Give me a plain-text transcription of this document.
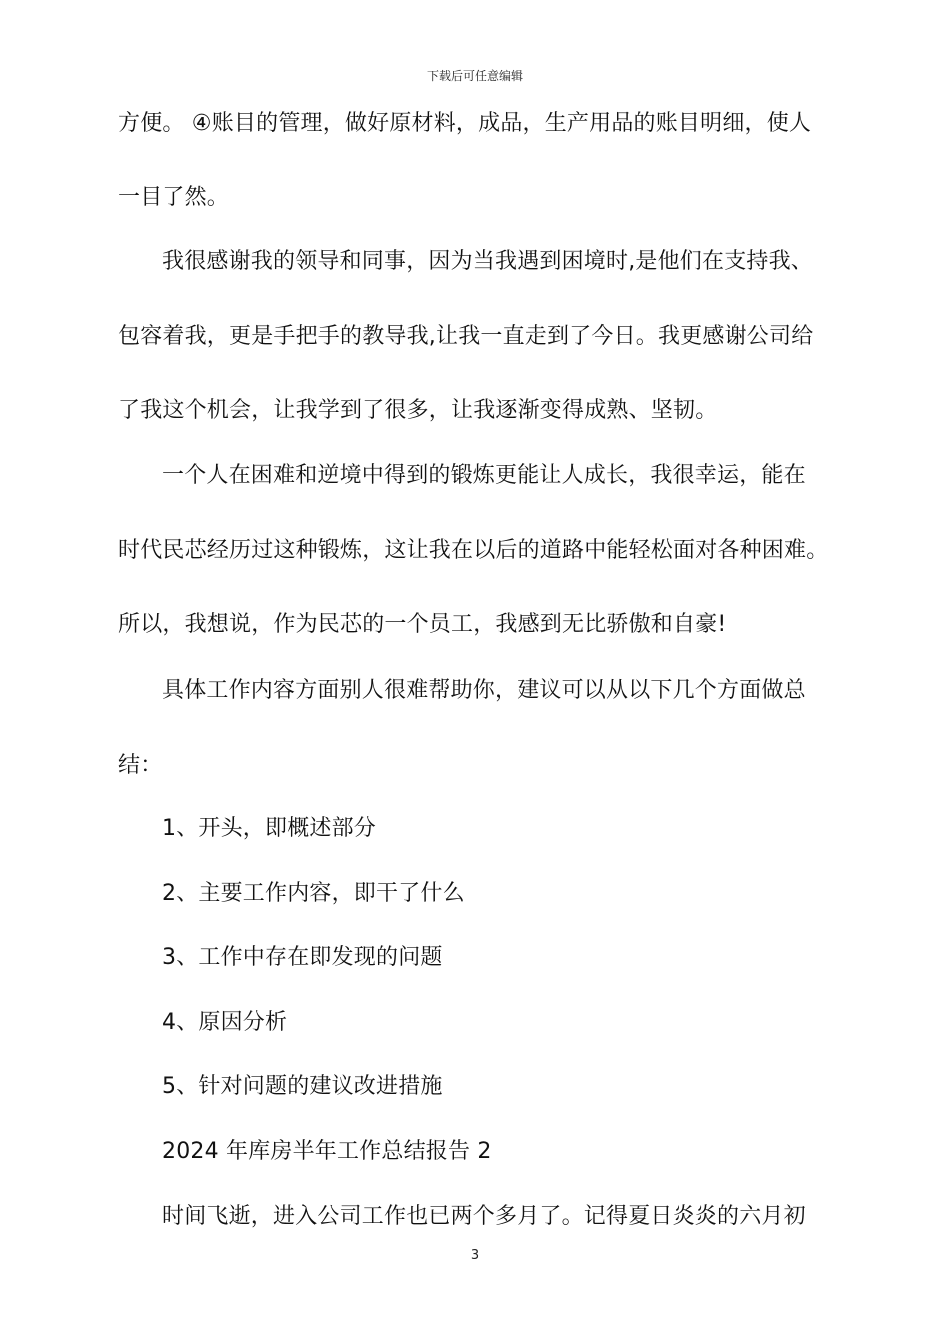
下载后可任意编辑
方便。 ④账目的管理，做好原材料，成品，生产用品的账目明细，使人
一目了然。
我很感谢我的领导和同事，因为当我遇到困境时,是他们在支持我、
包容着我，更是手把手的教导我,让我一直走到了今日。我更感谢公司给
了我这个机会，让我学到了很多，让我逐渐变得成熟、坚韧。
一个人在困难和逆境中得到的锻炼更能让人成长，我很幸运，能在
时代民芯经历过这种锻炼，这让我在以后的道路中能轻松面对各种困难。
所以，我想说，作为民芯的一个员工，我感到无比骄傲和自豪!
具体工作内容方面别人很难帮助你，建议可以从以下几个方面做总
结：
1、开头，即概述部分
2、主要工作内容，即干了什么
3、工作中存在即发现的问题
4、原因分析
5、针对问题的建议改进措施
2024 年库房半年工作总结报告 2
时间飞逝，进入公司工作也已两个多月了。记得夏日炎炎的六月初
3
